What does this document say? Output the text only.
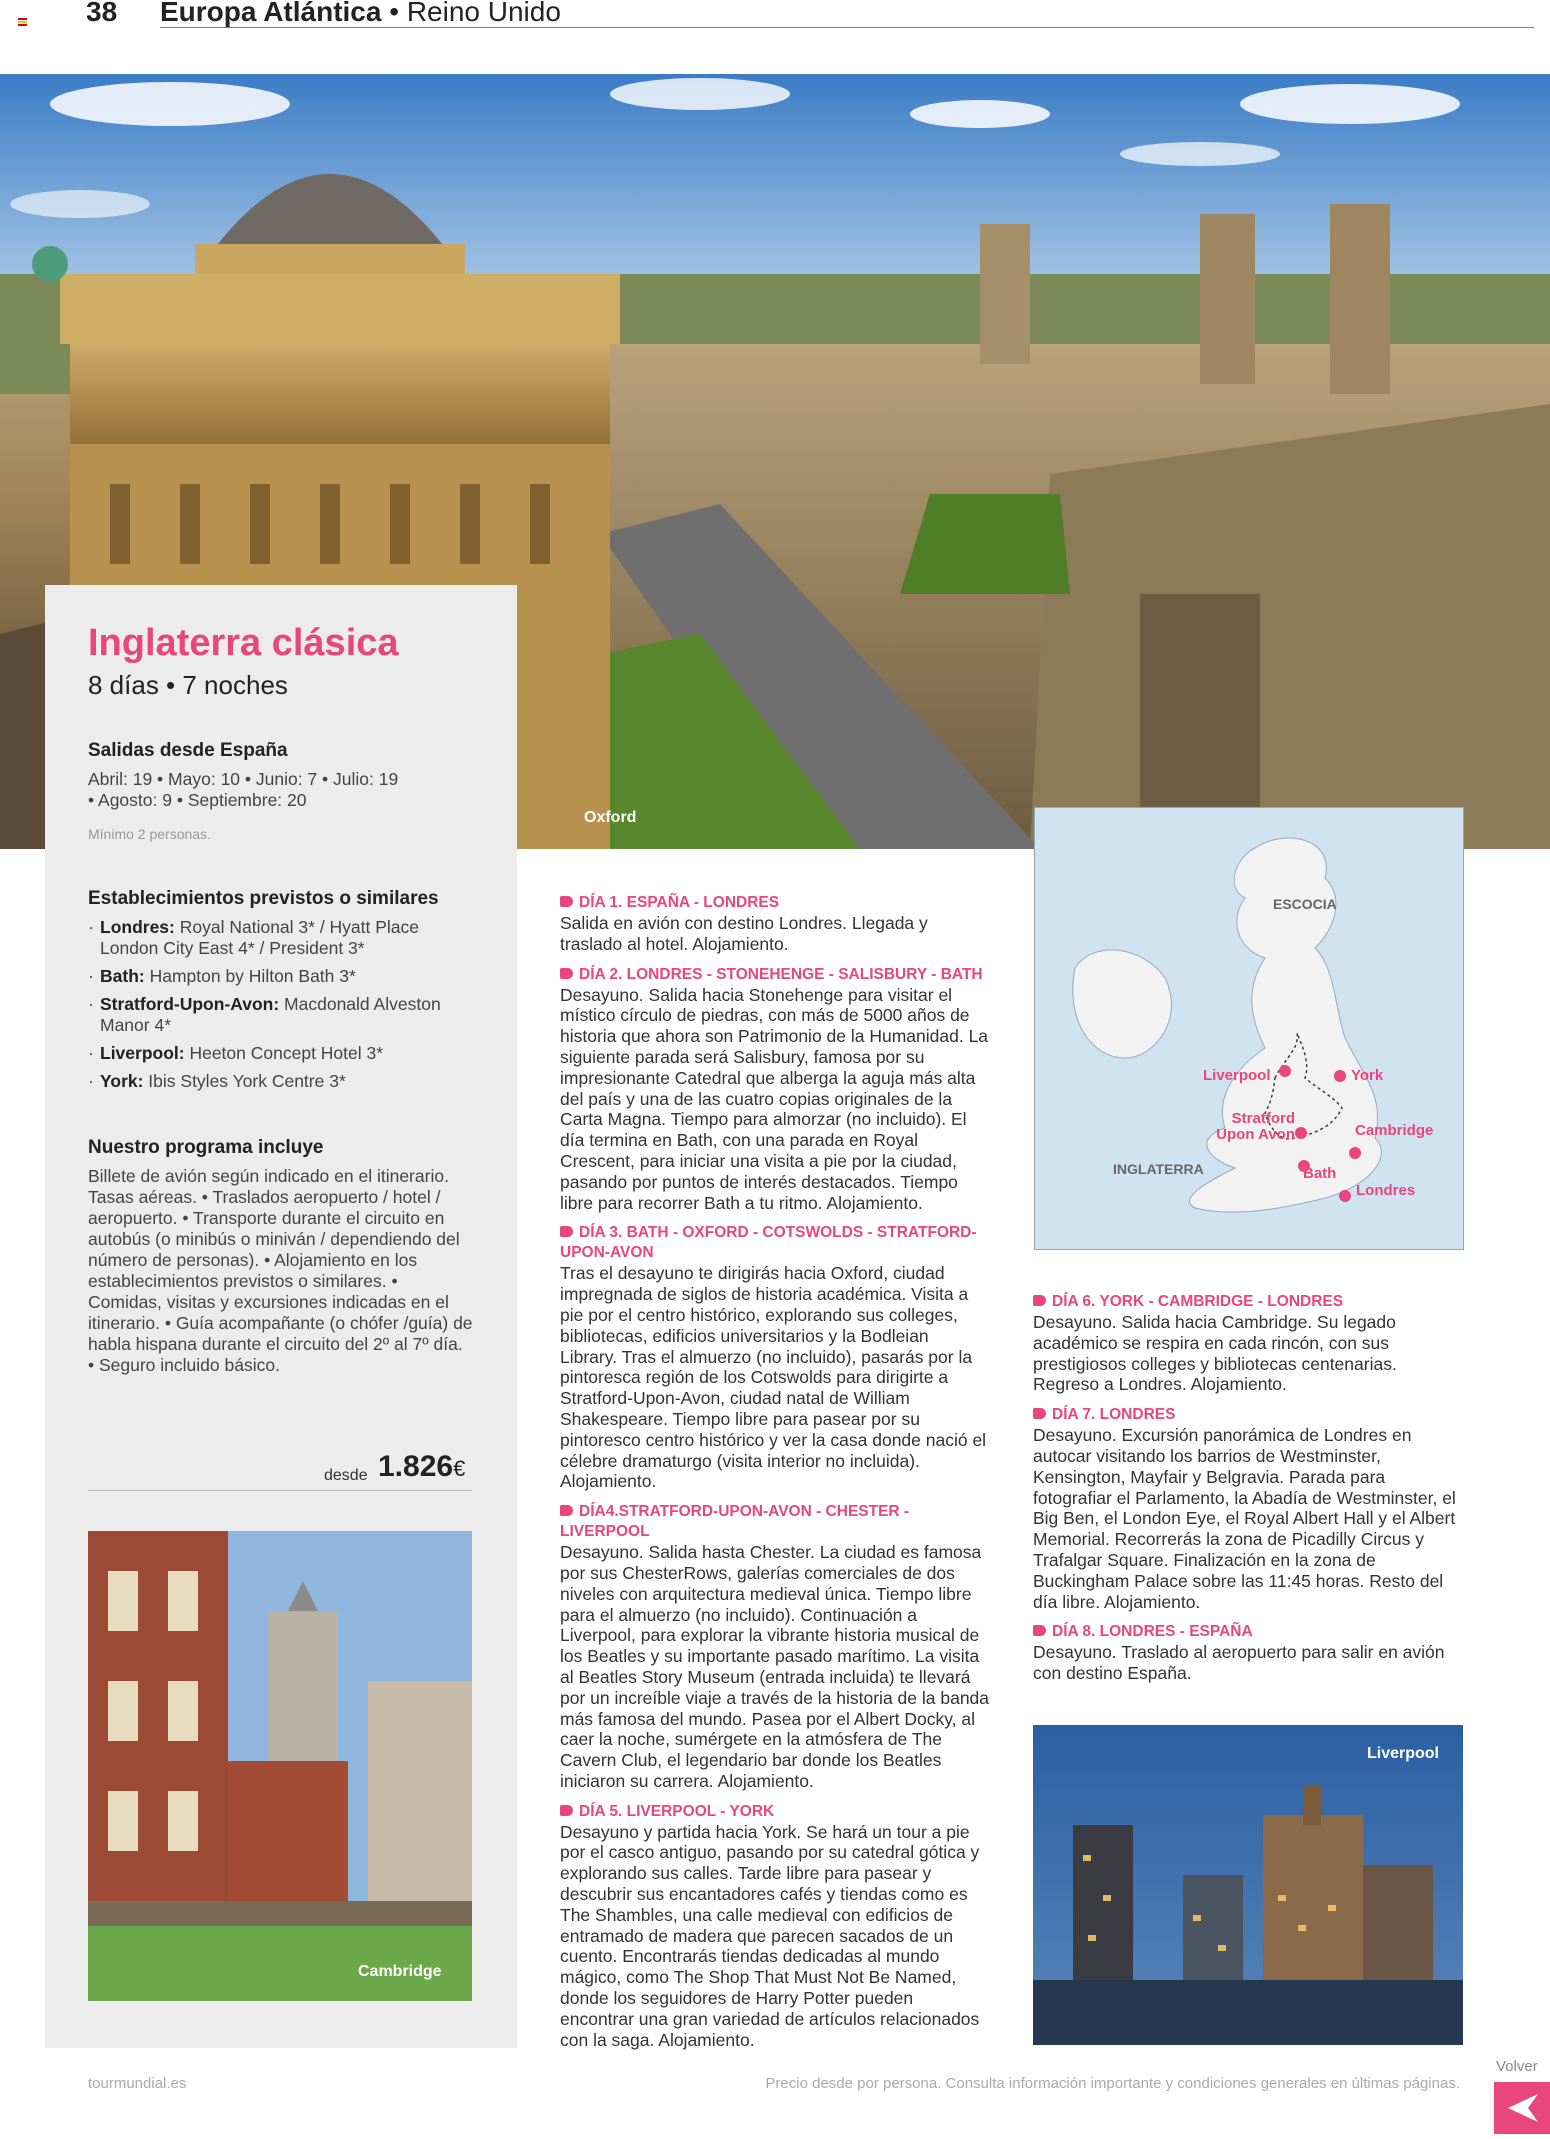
38 Europa Atlántica • Reino Unido
Oxford
Inglaterra clásica
8 días • 7 noches
Salidas desde España
Abril: 19 • Mayo: 10 • Junio: 7 • Julio: 19
• Agosto: 9 • Septiembre: 20
Mínimo 2 personas.
Establecimientos previstos o similares
· Londres: Royal National 3* / Hyatt Place London City East 4* / President 3*
· Bath: Hampton by Hilton Bath 3*
· Stratford-Upon-Avon: Macdonald Alveston Manor 4*
· Liverpool: Heeton Concept Hotel 3*
· York: Ibis Styles York Centre 3*
Nuestro programa incluye
Billete de avión según indicado en el itinerario. Tasas aéreas. • Traslados aeropuerto / hotel / aeropuerto. • Transporte durante el circuito en autobús (o minibús o miniván / dependiendo del número de personas). • Alojamiento en los establecimientos previstos o similares. • Comidas, visitas y excursiones indicadas en el itinerario. • Guía acompañante (o chófer /guía) de habla hispana durante el circuito del 2º al 7º día. • Seguro incluido básico.
desde 1.826€
Cambridge
DÍA 1. ESPAÑA - LONDRES
Salida en avión con destino Londres. Llegada y traslado al hotel. Alojamiento.
DÍA 2. LONDRES - STONEHENGE - SALISBURY - BATH
Desayuno. Salida hacia Stonehenge para visitar el místico círculo de piedras, con más de 5000 años de historia que ahora son Patrimonio de la Humanidad. La siguiente parada será Salisbury, famosa por su impresionante Catedral que alberga la aguja más alta del país y una de las cuatro copias originales de la Carta Magna. Tiempo para almorzar (no incluido). El día termina en Bath, con una parada en Royal Crescent, para iniciar una visita a pie por la ciudad, pasando por puntos de interés destacados. Tiempo libre para recorrer Bath a tu ritmo. Alojamiento.
DÍA 3. BATH - OXFORD - COTSWOLDS - STRATFORD-UPON-AVON
Tras el desayuno te dirigirás hacia Oxford, ciudad impregnada de siglos de historia académica. Visita a pie por el centro histórico, explorando sus colleges, bibliotecas, edificios universitarios y la Bodleian Library. Tras el almuerzo (no incluido), pasarás por la pintoresca región de los Cotswolds para dirigirte a Stratford-Upon-Avon, ciudad natal de William Shakespeare. Tiempo libre para pasear por su pintoresco centro histórico y ver la casa donde nació el célebre dramaturgo (visita interior no incluida). Alojamiento.
DÍA4.STRATFORD-UPON-AVON - CHESTER - LIVERPOOL
Desayuno. Salida hasta Chester. La ciudad es famosa por sus ChesterRows, galerías comerciales de dos niveles con arquitectura medieval única. Tiempo libre para el almuerzo (no incluido). Continuación a Liverpool, para explorar la vibrante historia musical de los Beatles y su importante pasado marítimo. La visita al Beatles Story Museum (entrada incluida) te llevará por un increíble viaje a través de la historia de la banda más famosa del mundo. Pasea por el Albert Docky, al caer la noche, sumérgete en la atmósfera de The Cavern Club, el legendario bar donde los Beatles iniciaron su carrera. Alojamiento.
DÍA 5. LIVERPOOL - YORK
Desayuno y partida hacia York. Se hará un tour a pie por el casco antiguo, pasando por su catedral gótica y explorando sus calles. Tarde libre para pasear y descubrir sus encantadores cafés y tiendas como es The Shambles, una calle medieval con edificios de entramado de madera que parecen sacados de un cuento. Encontrarás tiendas dedicadas al mundo mágico, como The Shop That Must Not Be Named, donde los seguidores de Harry Potter pueden encontrar una gran variedad de artículos relacionados con la saga. Alojamiento.
ESCOCIA
INGLATERRA
Liverpool	York
Stratford
Upon Avon	Cambridge
Bath
Londres
DÍA 6. YORK - CAMBRIDGE - LONDRES
Desayuno. Salida hacia Cambridge. Su legado académico se respira en cada rincón, con sus prestigiosos colleges y bibliotecas centenarias. Regreso a Londres. Alojamiento.
DÍA 7. LONDRES
Desayuno. Excursión panorámica de Londres en autocar visitando los barrios de Westminster, Kensington, Mayfair y Belgravia. Parada para fotografiar el Parlamento, la Abadía de Westminster, el Big Ben, el London Eye, el Royal Albert Hall y el Albert Memorial. Recorrerás la zona de Picadilly Circus y Trafalgar Square. Finalización en la zona de Buckingham Palace sobre las 11:45 horas. Resto del día libre. Alojamiento.
DÍA 8. LONDRES - ESPAÑA
Desayuno. Traslado al aeropuerto para salir en avión con destino España.
Liverpool
tourmundial.es	Precio desde por persona. Consulta información importante y condiciones generales en últimas páginas.
Volver
